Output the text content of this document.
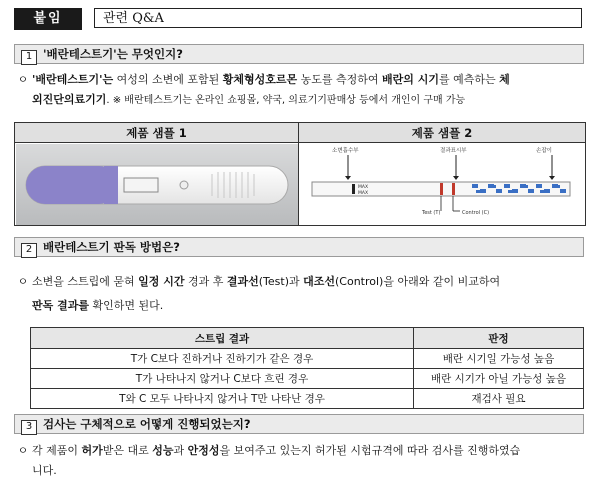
붙임	관련 Q&A
1 '배란테스트기'는 무엇인지?
ㅇ '배란테스트기'는 여성의 소변에 포함된 황체형성호르몬 농도를 측정하여 배란의 시기를 예측하는 체
외진단의료기기. ※ 배란테스트기는 온라인 쇼핑몰, 약국, 의료기기판매상 등에서 개인이 구매 가능
제품 샘플 1	제품 샘플 2
소변흡수부	결과표시부	손잡이
MAX
MAX
Test (T)	Control (C)
2 배란테스트기 판독 방법은?
ㅇ 소변을 스트립에 묻혀 일정 시간 경과 후 결과선(Test)과 대조선(Control)을 아래와 같이 비교하여
판독 결과를 확인하면 된다.
스트립 결과	판정
T가 C보다 진하거나 진하기가 같은 경우	배란 시기일 가능성 높음
T가 나타나지 않거나 C보다 흐린 경우	배란 시기가 아닐 가능성 높음
T와 C 모두 나타나지 않거나 T만 나타난 경우	재검사 필요
3 검사는 구체적으로 어떻게 진행되었는지?
ㅇ 각 제품이 허가받은 대로 성능과 안정성을 보여주고 있는지 허가된 시험규격에 따라 검사를 진행하였습
니다.
